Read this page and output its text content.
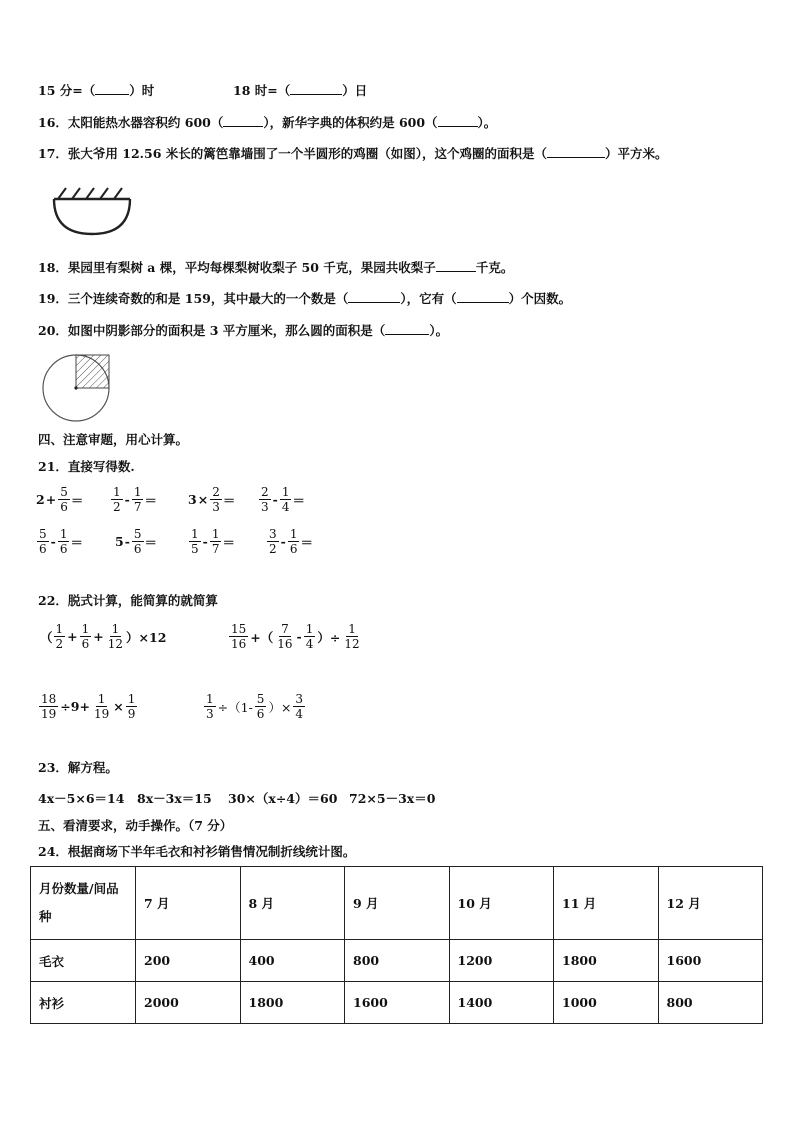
15 分=（	）时	18 时=（	）日
16．太阳能热水器容积约 600（	），新华字典的体积约是 600（	）。
17．张大爷用 12.56 米长的篱笆靠墙围了一个半圆形的鸡圈（如图），这个鸡圈的面积是（	）平方米。
18．果园里有梨树 a 棵，平均每棵梨树收梨子 50 千克，果园共收梨子	千克。
19．三个连续奇数的和是 159，其中最大的一个数是（	），它有（	）个因数。
20．如图中阴影部分的面积是 3 平方厘米，那么圆的面积是（	）。
四、注意审题，用心计算。
21．直接写得数.
$2 + \frac{5}{6} = \frac{1}{2} - \frac{1}{7} = 3 \times \frac{2}{3} = \frac{2}{3} - \frac{1}{4}$ ＝
$\frac{5}{6} - \frac{1}{6}$ ＝	$5 - \frac{5}{6}$ ＝	$\frac{1}{5} - \frac{1}{7}$ ＝	$\frac{3}{2} - \frac{1}{6}$ ＝
22．脱式计算，能简算的就简算
（ $\frac{1}{2} + \frac{1}{6} + \frac{1}{12} )\times 12$	$\frac{15}{16}$ +（ $\frac{7}{16} - \frac{1}{4}$ ）÷ $\frac{1}{12}$
$\frac{18}{19} \div 9+ \frac{1}{19} \times \frac{1}{9}$	$\frac{1}{3} \div(1- \frac{5}{6}$ ）× $\frac{3}{4}$
23．解方程。
4x－5×6＝14 8x－3x＝15 30×（x÷4）＝60 72×5－3x＝0
五、看清要求，动手操作。（7 分）
24．根据商场下半年毛衣和衬衫销售情况制折线统计图。
月份数量/间品种	7 月	8 月	9 月	10 月	11 月	12 月
毛衣	200	400	800	1200	1800	1600
衬衫	2000	1800	1600	1400	1000	800
